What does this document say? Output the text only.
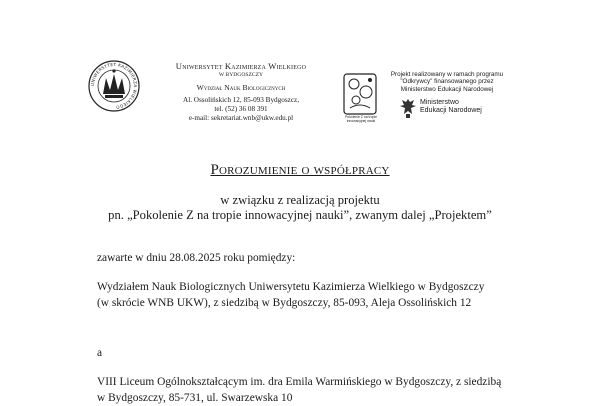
UNIWERSYTET KAZIMIERZA WIELKIEGO
Uniwersytet Kazimierza Wielkiego
W BYDGOSZCZY
Wydział Nauk Biologicznych
Al. Ossolińskich 12, 85-093 Bydgoszcz,
tel. (52) 36 08 391
e-mail: sekretariat.wnb@ukw.edu.pl	Pokolenie Z na tropie
innowacyjnej nauki
Projekt realizowany w ramach programu
"Odkrywcy" finansowanego przez
Ministerstwo Edukacji Narodowej
Ministerstwo
Edukacji Narodowej
Porozumienie o współpracy
w związku z realizacją projektu
pn. „Pokolenie Z na tropie innowacyjnej nauki”, zwanym dalej „Projektem”
zawarte w dniu 28.08.2025 roku pomiędzy:
Wydziałem Nauk Biologicznych Uniwersytetu Kazimierza Wielkiego w Bydgoszczy
(w skrócie WNB UKW), z siedzibą w Bydgoszczy, 85-093, Aleja Ossolińskich 12
a
VIII Liceum Ogólnokształcącym im. dra Emila Warmińskiego w Bydgoszczy, z siedzibą
w Bydgoszczy, 85-731, ul. Swarzewska 10
